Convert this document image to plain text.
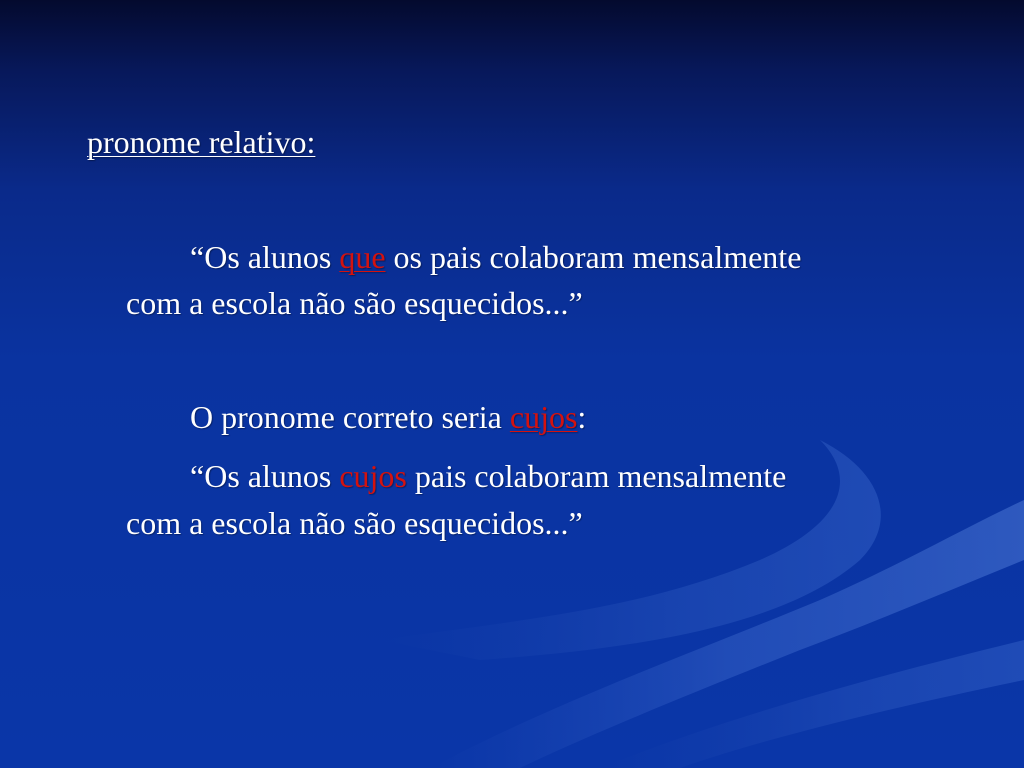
pronome relativo:
“Os alunos que os pais colaboram mensalmente
com a escola não são esquecidos...”
O pronome correto seria cujos:
“Os alunos cujos pais colaboram mensalmente
com a escola não são esquecidos...”
